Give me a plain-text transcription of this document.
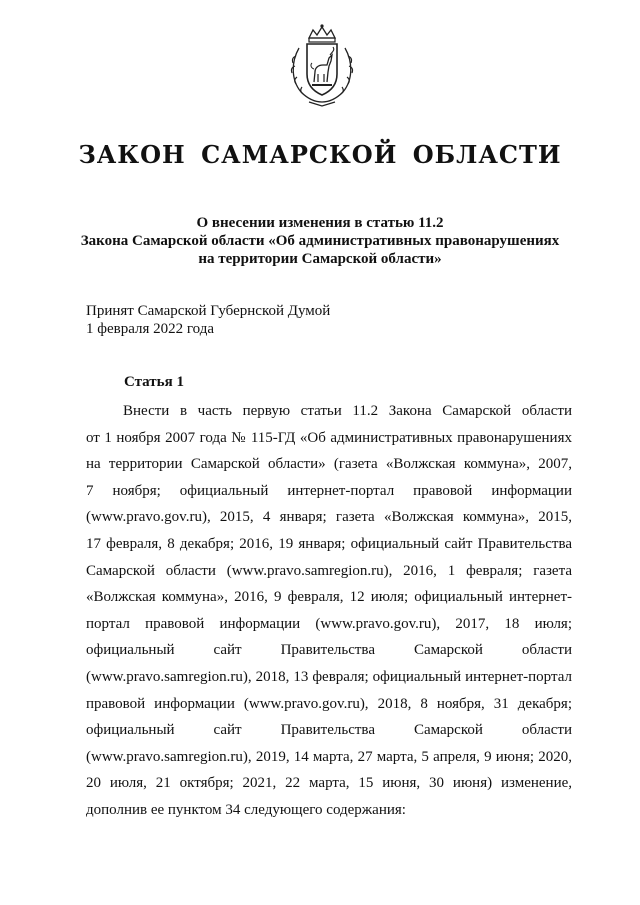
ЗАКОН САМАРСКОЙ ОБЛАСТИ
О внесении изменения в статью 11.2
Закона Самарской области «Об административных правонарушениях
на территории Самарской области»
Принят Самарской Губернской Думой
1 февраля 2022 года
Статья 1
Внести в часть первую статьи 11.2 Закона Самарской области
от 1 ноября 2007 года № 115-ГД «Об административных правонарушениях
на территории Самарской области» (газета «Волжская коммуна», 2007,
7 ноября; официальный интернет-портал правовой информации
(www.pravo.gov.ru), 2015, 4 января; газета «Волжская коммуна», 2015,
17 февраля, 8 декабря; 2016, 19 января; официальный сайт Правительства
Самарской области (www.pravo.samregion.ru), 2016, 1 февраля; газета
«Волжская коммуна», 2016, 9 февраля, 12 июля; официальный интернет-
портал правовой информации (www.pravo.gov.ru), 2017, 18 июля;
официальный сайт Правительства Самарской области
(www.pravo.samregion.ru), 2018, 13 февраля; официальный интернет-портал
правовой информации (www.pravo.gov.ru), 2018, 8 ноября, 31 декабря;
официальный сайт Правительства Самарской области
(www.pravo.samregion.ru), 2019, 14 марта, 27 марта, 5 апреля, 9 июня; 2020,
20 июля, 21 октября; 2021, 22 марта, 15 июня, 30 июня) изменение,
дополнив ее пунктом 34 следующего содержания:
